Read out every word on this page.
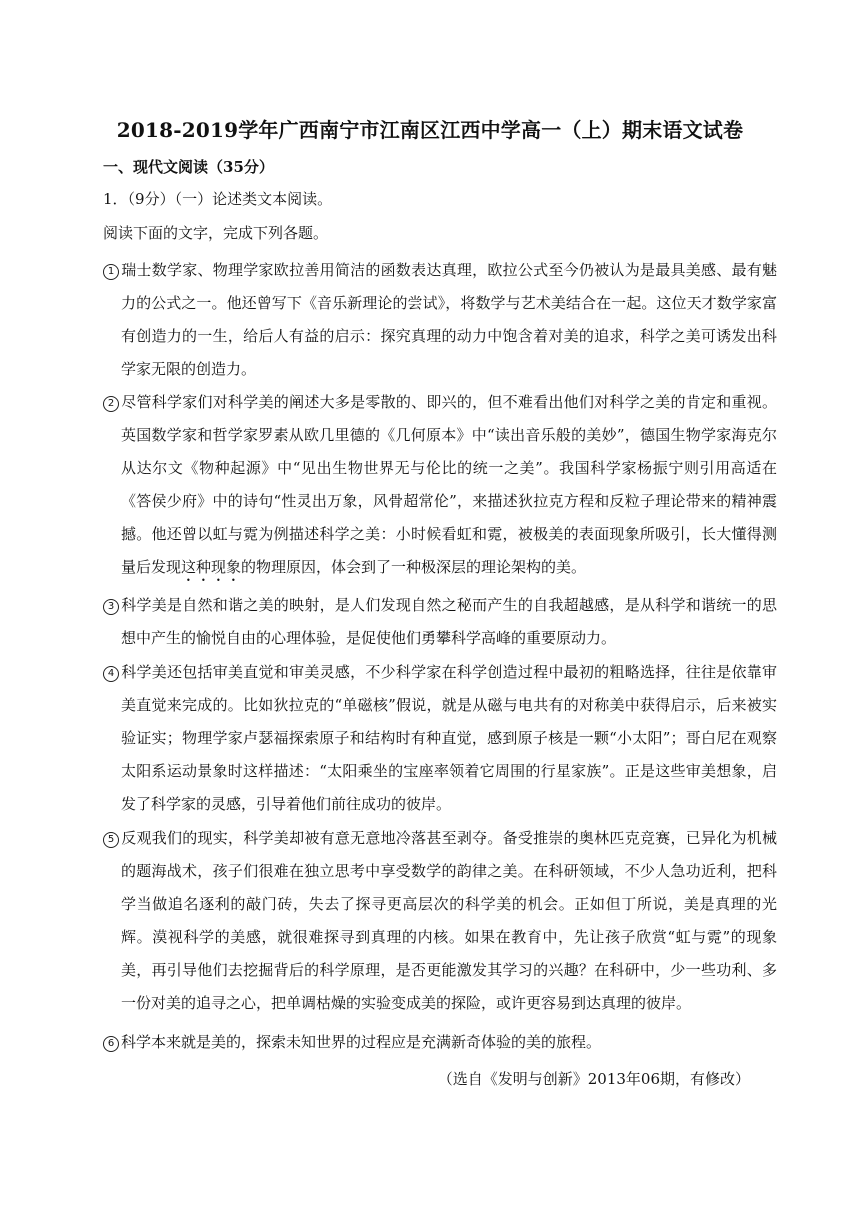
2018-2019学年广西南宁市江南区江西中学高一（上）期末语文试卷
一、现代文阅读（35分）
1．（9分）（一）论述类文本阅读。
阅读下面的文字，完成下列各题。
1 瑞士数学家、物理学家欧拉善用简洁的函数表达真理，欧拉公式至今仍被认为是最具美感、最有魅力的公式之一。他还曾写下《音乐新理论的尝试》，将数学与艺术美结合在一起。这位天才数学家富有创造力的一生，给后人有益的启示：探究真理的动力中饱含着对美的追求，科学之美可诱发出科学家无限的创造力。
2 尽管科学家们对科学美的阐述大多是零散的、即兴的，但不难看出他们对科学之美的肯定和重视。英国数学家和哲学家罗素从欧几里德的《几何原本》中“读出音乐般的美妙”，德国生物学家海克尔从达尔文《物种起源》中“见出生物世界无与伦比的统一之美”。我国科学家杨振宁则引用高适在《答侯少府》中的诗句“性灵出万象，风骨超常伦”，来描述狄拉克方程和反粒子理论带来的精神震撼。他还曾以虹与霓为例描述科学之美：小时候看虹和霓，被极美的表面现象所吸引，长大懂得测量后发现这种现象的物理原因，体会到了一种极深层的理论架构的美。
3 科学美是自然和谐之美的映射，是人们发现自然之秘而产生的自我超越感，是从科学和谐统一的思想中产生的愉悦自由的心理体验，是促使他们勇攀科学高峰的重要原动力。
4 科学美还包括审美直觉和审美灵感，不少科学家在科学创造过程中最初的粗略选择，往往是依靠审美直觉来完成的。比如狄拉克的“单磁核”假说，就是从磁与电共有的对称美中获得启示，后来被实验证实；物理学家卢瑟福探索原子和结构时有种直觉，感到原子核是一颗“小太阳”；哥白尼在观察太阳系运动景象时这样描述：“太阳乘坐的宝座率领着它周围的行星家族”。正是这些审美想象，启发了科学家的灵感，引导着他们前往成功的彼岸。
5 反观我们的现实，科学美却被有意无意地冷落甚至剥夺。备受推崇的奥林匹克竞赛，已异化为机械的题海战术，孩子们很难在独立思考中享受数学的韵律之美。在科研领域，不少人急功近利，把科学当做追名逐利的敲门砖，失去了探寻更高层次的科学美的机会。正如但丁所说，美是真理的光辉。漠视科学的美感，就很难探寻到真理的内核。如果在教育中，先让孩子欣赏“虹与霓”的现象美，再引导他们去挖掘背后的科学原理，是否更能激发其学习的兴趣？在科研中，少一些功利、多一份对美的追寻之心，把单调枯燥的实验变成美的探险，或许更容易到达真理的彼岸。
6 科学本来就是美的，探索未知世界的过程应是充满新奇体验的美的旅程。
（选自《发明与创新》2013年06期，有修改）
